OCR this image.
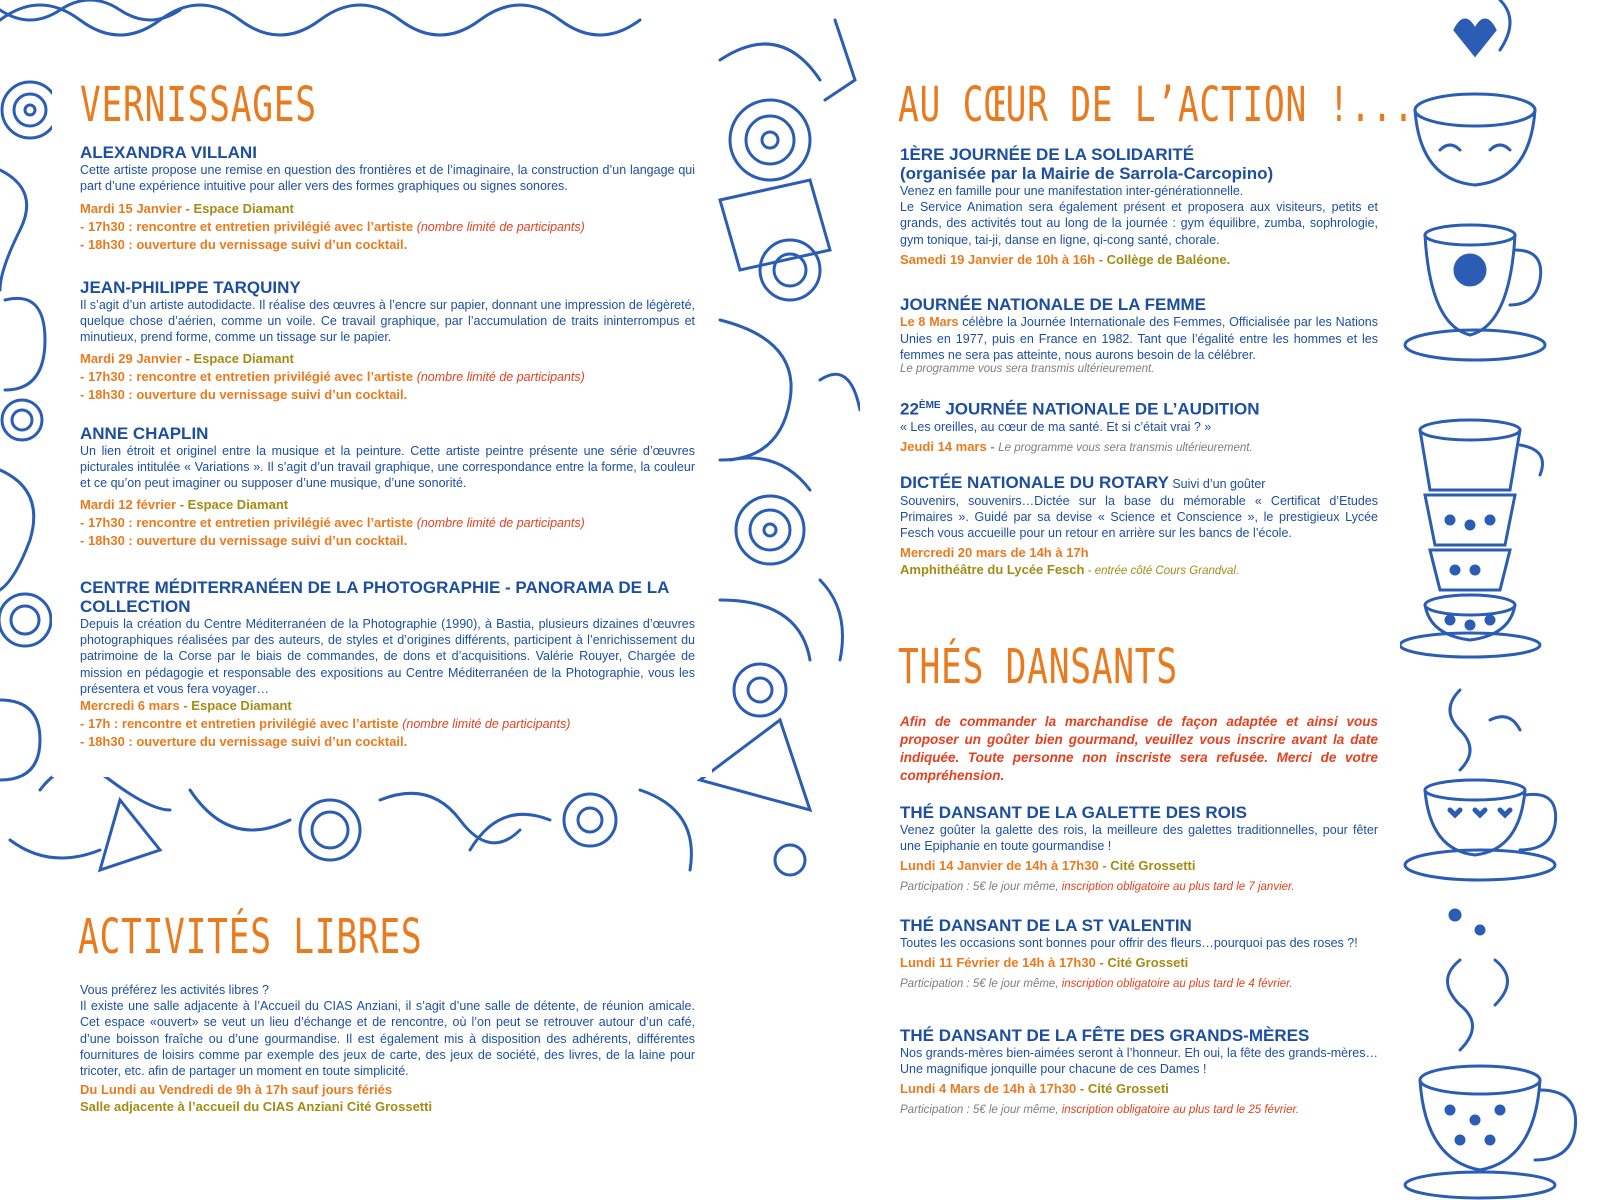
VERNISSAGES
ALEXANDRA VILLANI
Cette artiste propose une remise en question des frontières et de l’imaginaire, la construction d’un langage qui part d’une expérience intuitive pour aller vers des formes graphiques ou signes sonores.
Mardi 15 Janvier - Espace Diamant
- 17h30 : rencontre et entretien privilégié avec l’artiste (nombre limité de participants)
- 18h30 : ouverture du vernissage suivi d’un cocktail.
JEAN-PHILIPPE TARQUINY
Il s’agit d’un artiste autodidacte. Il réalise des œuvres à l’encre sur papier, donnant une impression de légèreté, quelque chose d’aérien, comme un voile. Ce travail graphique, par l’accumulation de traits ininterrompus et minutieux, prend forme, comme un tissage sur le papier.
Mardi 29 Janvier - Espace Diamant
- 17h30 : rencontre et entretien privilégié avec l’artiste (nombre limité de participants)
- 18h30 : ouverture du vernissage suivi d’un cocktail.
ANNE CHAPLIN
Un lien étroit et originel entre la musique et la peinture. Cette artiste peintre présente une série d’œuvres picturales intitulée « Variations ». Il s’agit d’un travail graphique, une correspondance entre la forme, la couleur et ce qu’on peut imaginer ou supposer d’une musique, d’une sonorité.
Mardi 12 février - Espace Diamant
- 17h30 : rencontre et entretien privilégié avec l’artiste (nombre limité de participants)
- 18h30 : ouverture du vernissage suivi d’un cocktail.
CENTRE MÉDITERRANÉEN DE LA PHOTOGRAPHIE - PANORAMA DE LA COLLECTION
Depuis la création du Centre Méditerranéen de la Photographie (1990), à Bastia, plusieurs dizaines d’œuvres photographiques réalisées par des auteurs, de styles et d’origines différents, participent à l’enrichissement du patrimoine de la Corse par le biais de commandes, de dons et d’acquisitions. Valérie Rouyer, Chargée de mission en pédagogie et responsable des expositions au Centre Méditerranéen de la Photographie, vous les présentera et vous fera voyager…
Mercredi 6 mars - Espace Diamant
- 17h : rencontre et entretien privilégié avec l’artiste (nombre limité de participants)
- 18h30 : ouverture du vernissage suivi d’un cocktail.
ACTIVITÉS LIBRES
Vous préférez les activités libres ?
Il existe une salle adjacente à l’Accueil du CIAS Anziani, il s’agit d’une salle de détente, de réunion amicale. Cet espace «ouvert» se veut un lieu d’échange et de rencontre, où l’on peut se retrouver autour d’un café, d’une boisson fraîche ou d’une gourmandise. Il est également mis à disposition des adhérents, différentes fournitures de loisirs comme par exemple des jeux de carte, des jeux de société, des livres, de la laine pour tricoter, etc. afin de partager un moment en toute simplicité.
Du Lundi au Vendredi de 9h à 17h sauf jours fériés
Salle adjacente à l’accueil du CIAS Anziani Cité Grossetti
AU CŒUR DE L’ACTION !...
1ÈRE JOURNÉE DE LA SOLIDARITÉ
(organisée par la Mairie de Sarrola-Carcopino)
Venez en famille pour une manifestation inter-générationnelle.
Le Service Animation sera également présent et proposera aux visiteurs, petits et grands, des activités tout au long de la journée : gym équilibre, zumba, sophrologie, gym tonique, tai-ji, danse en ligne, qi-cong santé, chorale.
Samedi 19 Janvier de 10h à 16h - Collège de Baléone.
JOURNÉE NATIONALE DE LA FEMME
Le 8 Mars célèbre la Journée Internationale des Femmes, Officialisée par les Nations Unies en 1977, puis en France en 1982. Tant que l’égalité entre les hommes et les femmes ne sera pas atteinte, nous aurons besoin de la célébrer.
Le programme vous sera transmis ultérieurement.
22ÈME JOURNÉE NATIONALE DE L’AUDITION
« Les oreilles, au cœur de ma santé. Et si c’était vrai ? »
Jeudi 14 mars - Le programme vous sera transmis ultérieurement.
DICTÉE NATIONALE DU ROTARY Suivi d’un goûter
Souvenirs, souvenirs…Dictée sur la base du mémorable « Certificat d’Etudes Primaires ». Guidé par sa devise « Science et Conscience », le prestigieux Lycée Fesch vous accueille pour un retour en arrière sur les bancs de l’école.
Mercredi 20 mars de 14h à 17h
Amphithéâtre du Lycée Fesch - entrée côté Cours Grandval.
THÉS DANSANTS
Afin de commander la marchandise de façon adaptée et ainsi vous proposer un goûter bien gourmand, veuillez vous inscrire avant la date indiquée. Toute personne non inscriste sera refusée. Merci de votre compréhension.
THÉ DANSANT DE LA GALETTE DES ROIS
Venez goûter la galette des rois, la meilleure des galettes traditionnelles, pour fêter une Epiphanie en toute gourmandise !
Lundi 14 Janvier de 14h à 17h30 - Cité Grossetti
Participation : 5€ le jour même, inscription obligatoire au plus tard le 7 janvier.
THÉ DANSANT DE LA ST VALENTIN
Toutes les occasions sont bonnes pour offrir des fleurs…pourquoi pas des roses ?!
Lundi 11 Février de 14h à 17h30 - Cité Grosseti
Participation : 5€ le jour même, inscription obligatoire au plus tard le 4 février.
THÉ DANSANT DE LA FÊTE DES GRANDS-MÈRES
Nos grands-mères bien-aimées seront à l’honneur. Eh oui, la fête des grands-mères… Une magnifique jonquille pour chacune de ces Dames !
Lundi 4 Mars de 14h à 17h30 - Cité Grosseti
Participation : 5€ le jour même, inscription obligatoire au plus tard le 25 février.
